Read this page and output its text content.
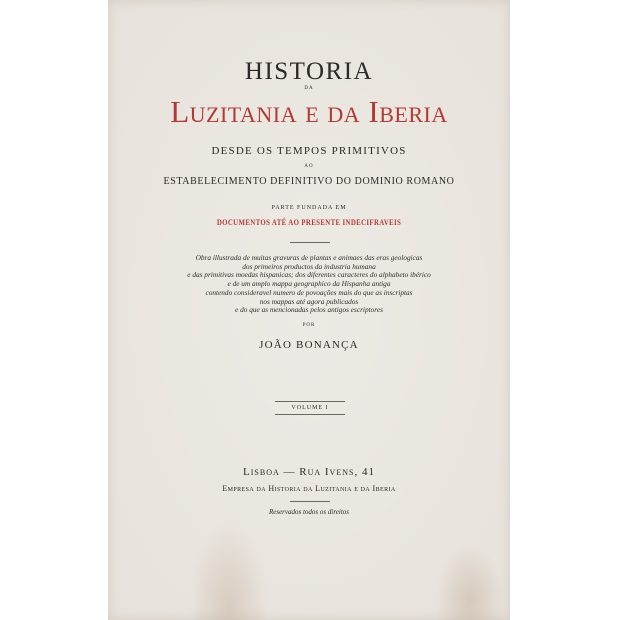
HISTORIA
DA
Luzitania e da Iberia
DESDE OS TEMPOS PRIMITIVOS
AO
ESTABELECIMENTO DEFINITIVO DO DOMINIO ROMANO
PARTE FUNDADA EM
DOCUMENTOS ATÉ AO PRESENTE INDECIFRAVEIS
Obra illustrada de muitas gravuras de plantas e animaes das eras geologicas
dos primeiros productos da industria humana
e das primitivas moedas hispanicas; dos diferentes caracteres do alphabeto ibérico
e de um amplo mappa geographico da Hispanha antiga
contendo consideravel numero de povoações mais do que as inscriptas
nos mappas até agora publicados
e do que as mencionadas pelos antigos escriptores
POR
JOÃO BONANÇA
VOLUME I
Lisboa — Rua Ivens, 41
Empresa da Historia da Luzitania e da Iberia
Reservados todos os direitos
